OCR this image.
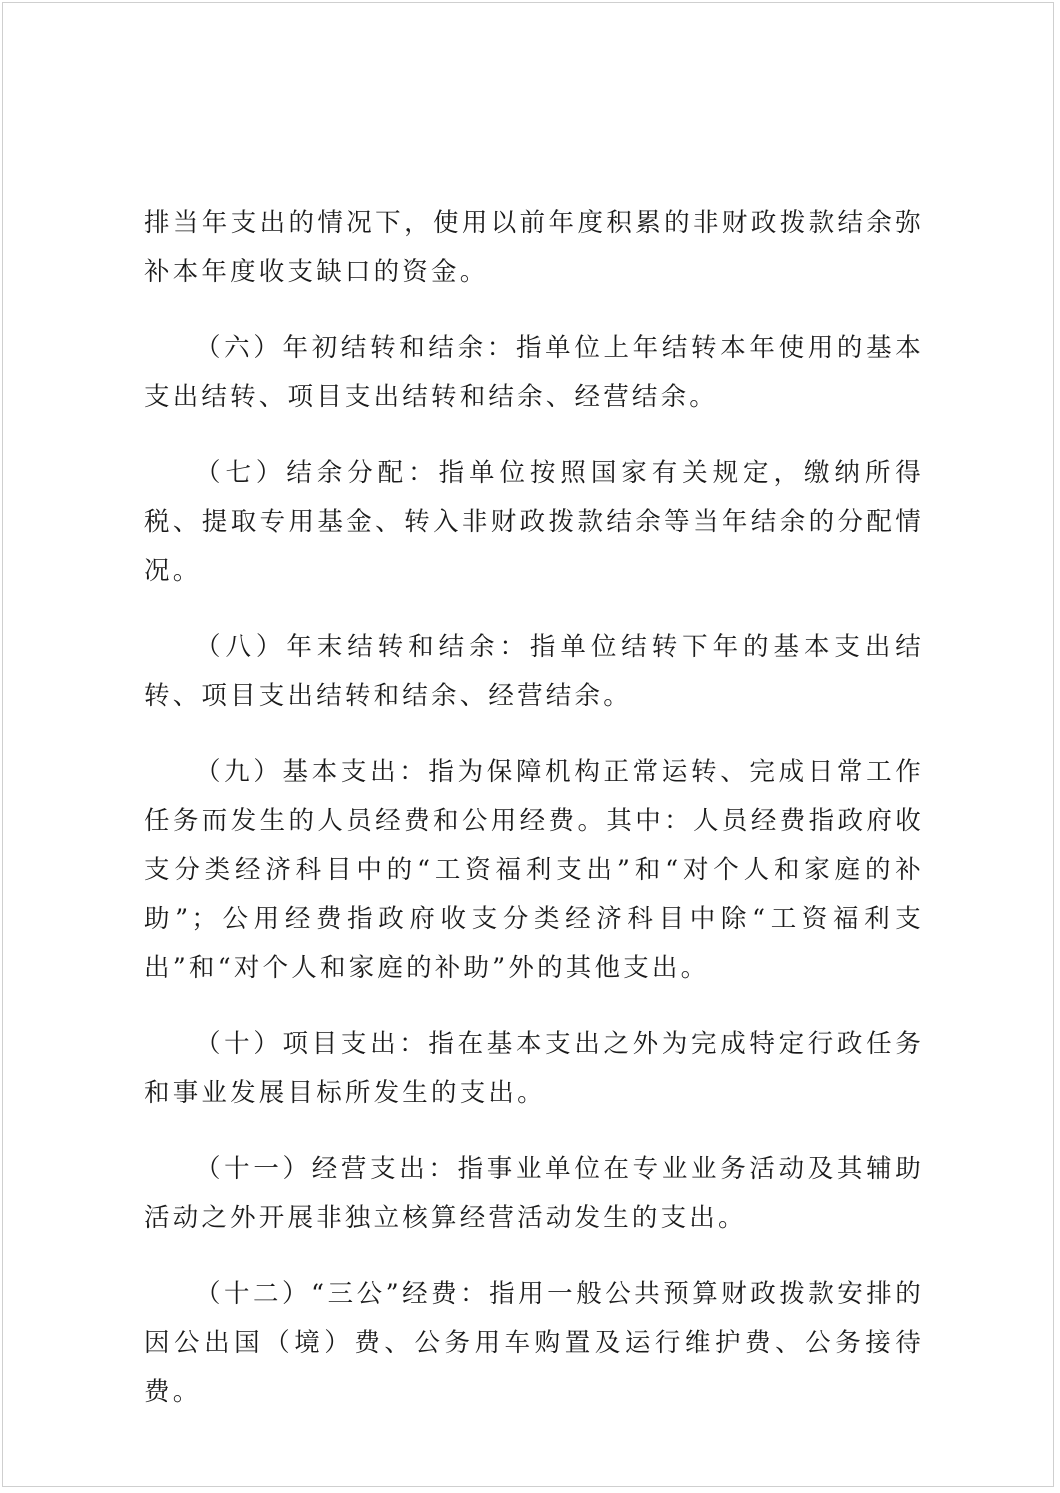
排当年支出的情况下，使用以前年度积累的非财政拨款结余弥补本年度收支缺口的资金。

（六）年初结转和结余：指单位上年结转本年使用的基本支出结转、项目支出结转和结余、经营结余。

（七）结余分配：指单位按照国家有关规定，缴纳所得税、提取专用基金、转入非财政拨款结余等当年结余的分配情况。

（八）年末结转和结余：指单位结转下年的基本支出结转、项目支出结转和结余、经营结余。

（九）基本支出：指为保障机构正常运转、完成日常工作任务而发生的人员经费和公用经费。其中：人员经费指政府收支分类经济科目中的“工资福利支出”和“对个人和家庭的补助”；公用经费指政府收支分类经济科目中除“工资福利支出”和“对个人和家庭的补助”外的其他支出。

（十）项目支出：指在基本支出之外为完成特定行政任务和事业发展目标所发生的支出。

（十一）经营支出：指事业单位在专业业务活动及其辅助活动之外开展非独立核算经营活动发生的支出。

（十二）“三公”经费：指用一般公共预算财政拨款安排的因公出国（境）费、公务用车购置及运行维护费、公务接待费。
